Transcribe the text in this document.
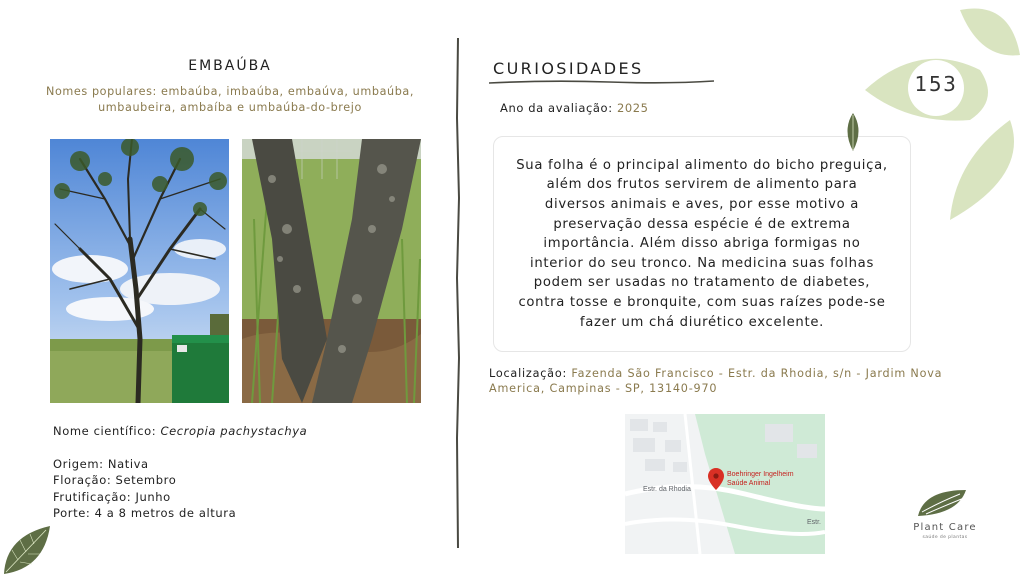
EMBAÚBA
Nomes populares: embaúba, imbaúba, embaúva, umbaúba, umbaubeira, ambaíba e umbaúba-do-brejo
Nome científico: Cecropia pachystachya
Origem: Nativa
Floração: Setembro
Frutificação: Junho
Porte: 4 a 8 metros de altura
CURIOSIDADES
Ano da avaliação: 2025

Sua folha é o principal alimento do bicho preguiça, além dos frutos servirem de alimento para diversos animais e aves, por esse motivo a preservação dessa espécie é de extrema importância. Além disso abriga formigas no interior do seu tronco. Na medicina suas folhas podem ser usadas no tratamento de diabetes, contra tosse e bronquite, com suas raízes pode-se fazer um chá diurético excelente.

Localização: Fazenda São Francisco - Estr. da Rhodia, s/n - Jardim Nova America, Campinas - SP, 13140-970
Estr. da Rhodia
Estr.
Boehringer Ingelheim
Saúde Animal
153
Plant Care
saúde de plantas
